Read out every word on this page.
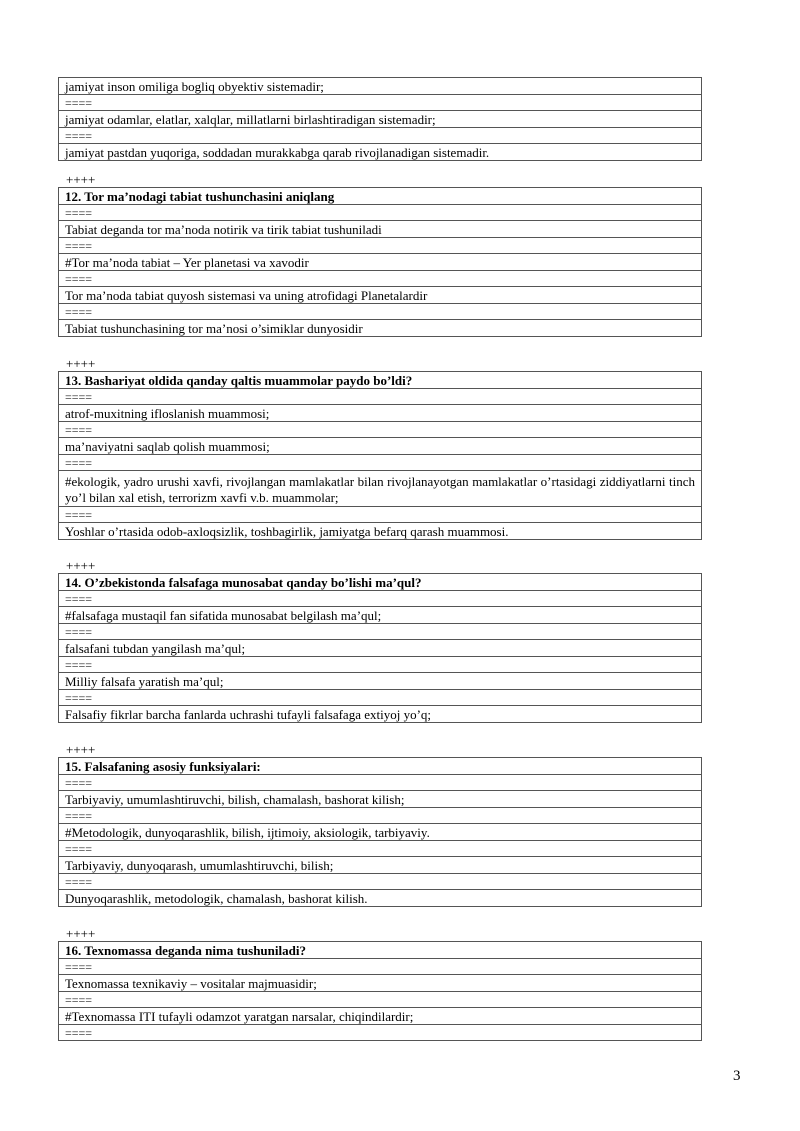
jamiyat inson omiliga bogliq obyektiv sistemadir;
====
jamiyat odamlar, elatlar, xalqlar, millatlarni birlashtiradigan sistemadir;
====
jamiyat pastdan yuqoriga, soddadan murakkabga qarab rivojlanadigan sistemadir.
++++
12. Tor ma’nodagi tabiat tushunchasini aniqlang
====
Tabiat deganda tor ma’noda notirik va tirik tabiat tushuniladi
====
#Tor ma’noda tabiat – Yer planetasi va xavodir
====
Tor ma’noda tabiat quyosh sistemasi va uning atrofidagi Planetalardir
====
Tabiat tushunchasining tor ma’nosi o’simiklar dunyosidir
++++
13. Bashariyat oldida qanday qaltis muammolar paydo bo’ldi?
====
atrof-muxitning ifloslanish muammosi;
====
ma’naviyatni saqlab qolish muammosi;
====
#ekologik, yadro urushi xavfi, rivojlangan mamlakatlar bilan rivojlanayotgan mamlakatlar o’rtasidagi ziddiyatlarni tinch yo’l bilan xal etish, terrorizm xavfi v.b. muammolar;
====
Yoshlar o’rtasida odob-axloqsizlik, toshbagirlik, jamiyatga befarq qarash muammosi.
++++
14. O’zbekistonda falsafaga munosabat qanday bo’lishi ma’qul?
====
#falsafaga mustaqil fan sifatida munosabat belgilash ma’qul;
====
falsafani tubdan yangilash ma’qul;
====
Milliy falsafa yaratish ma’qul;
====
Falsafiy fikrlar barcha fanlarda uchrashi tufayli falsafaga extiyoj yo’q;
++++
15. Falsafaning asosiy funksiyalari:
====
Tarbiyaviy, umumlashtiruvchi, bilish, chamalash, bashorat kilish;
====
#Metodologik, dunyoqarashlik, bilish, ijtimoiy, aksiologik, tarbiyaviy.
====
Tarbiyaviy, dunyoqarash, umumlashtiruvchi, bilish;
====
Dunyoqarashlik, metodologik, chamalash, bashorat kilish.
++++
16. Texnomassa deganda nima tushuniladi?
====
Texnomassa texnikaviy – vositalar majmuasidir;
====
#Texnomassa ITI tufayli odamzot yaratgan narsalar, chiqindilardir;
====
3
